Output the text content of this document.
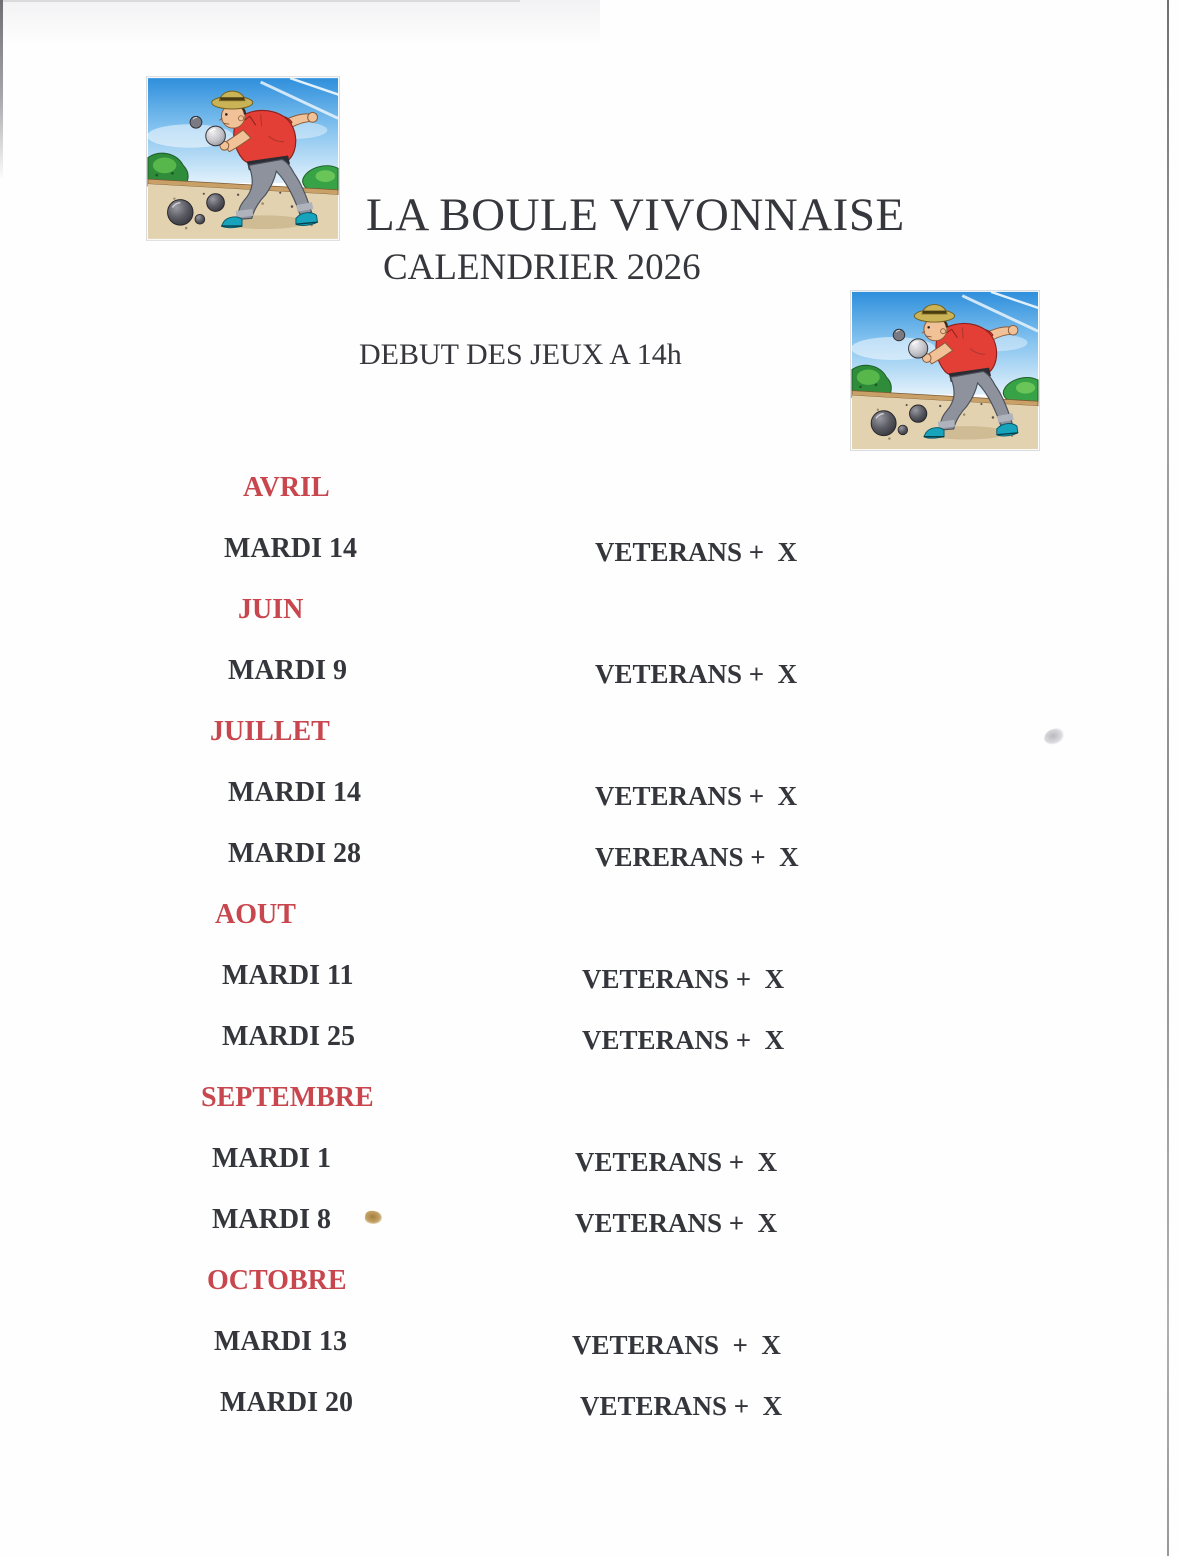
LA BOULE VIVONNAISE
CALENDRIER 2026
DEBUT DES JEUX A 14h
AVRIL
MARDI 14	VETERANS +  X
JUIN
MARDI 9	VETERANS +  X
JUILLET
MARDI 14	VETERANS +  X
MARDI 28	VERERANS +  X
AOUT
MARDI 11	VETERANS +  X
MARDI 25	VETERANS +  X
SEPTEMBRE
MARDI 1	VETERANS +  X
MARDI 8	VETERANS +  X
OCTOBRE
MARDI 13	VETERANS  +  X
MARDI 20	VETERANS +  X
